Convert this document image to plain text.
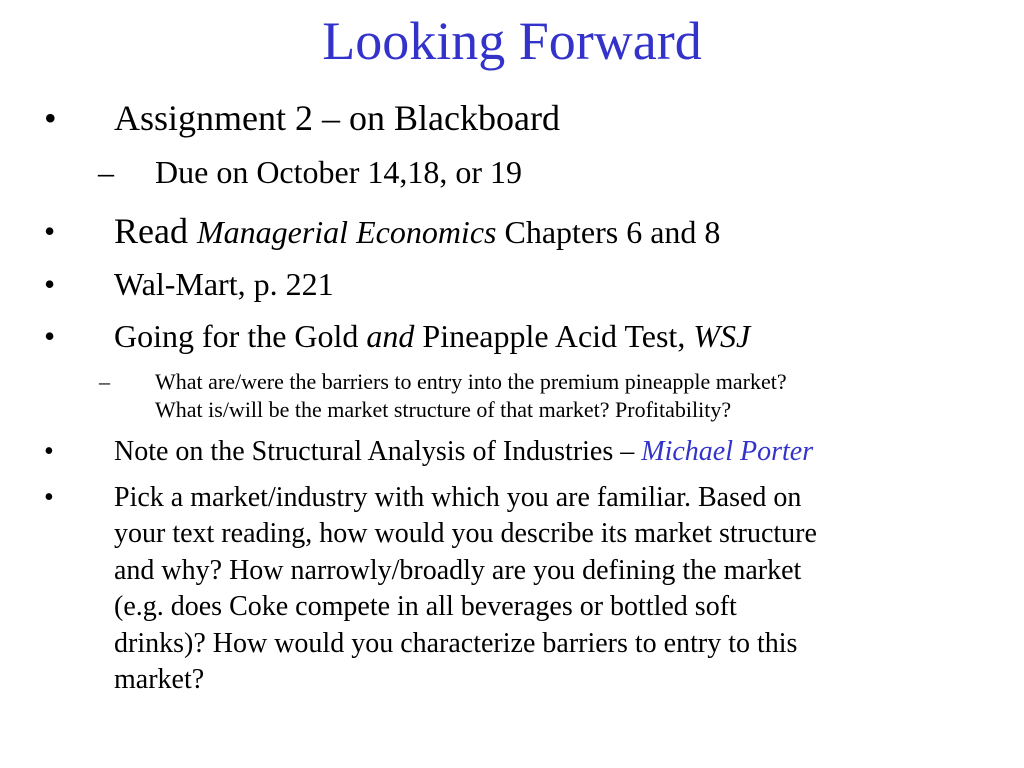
Looking Forward
• Assignment 2 – on Blackboard
– Due on October 14,18, or 19
• Read Managerial Economics Chapters 6 and 8
• Wal-Mart, p. 221
• Going for the Gold and Pineapple Acid Test, WSJ
– What are/were the barriers to entry into the premium pineapple market?
What is/will be the market structure of that market? Profitability?
• Note on the Structural Analysis of Industries – Michael Porter
• Pick a market/industry with which you are familiar. Based on
your text reading, how would you describe its market structure
and why? How narrowly/broadly are you defining the market
(e.g. does Coke compete in all beverages or bottled soft
drinks)? How would you characterize barriers to entry to this
market?
